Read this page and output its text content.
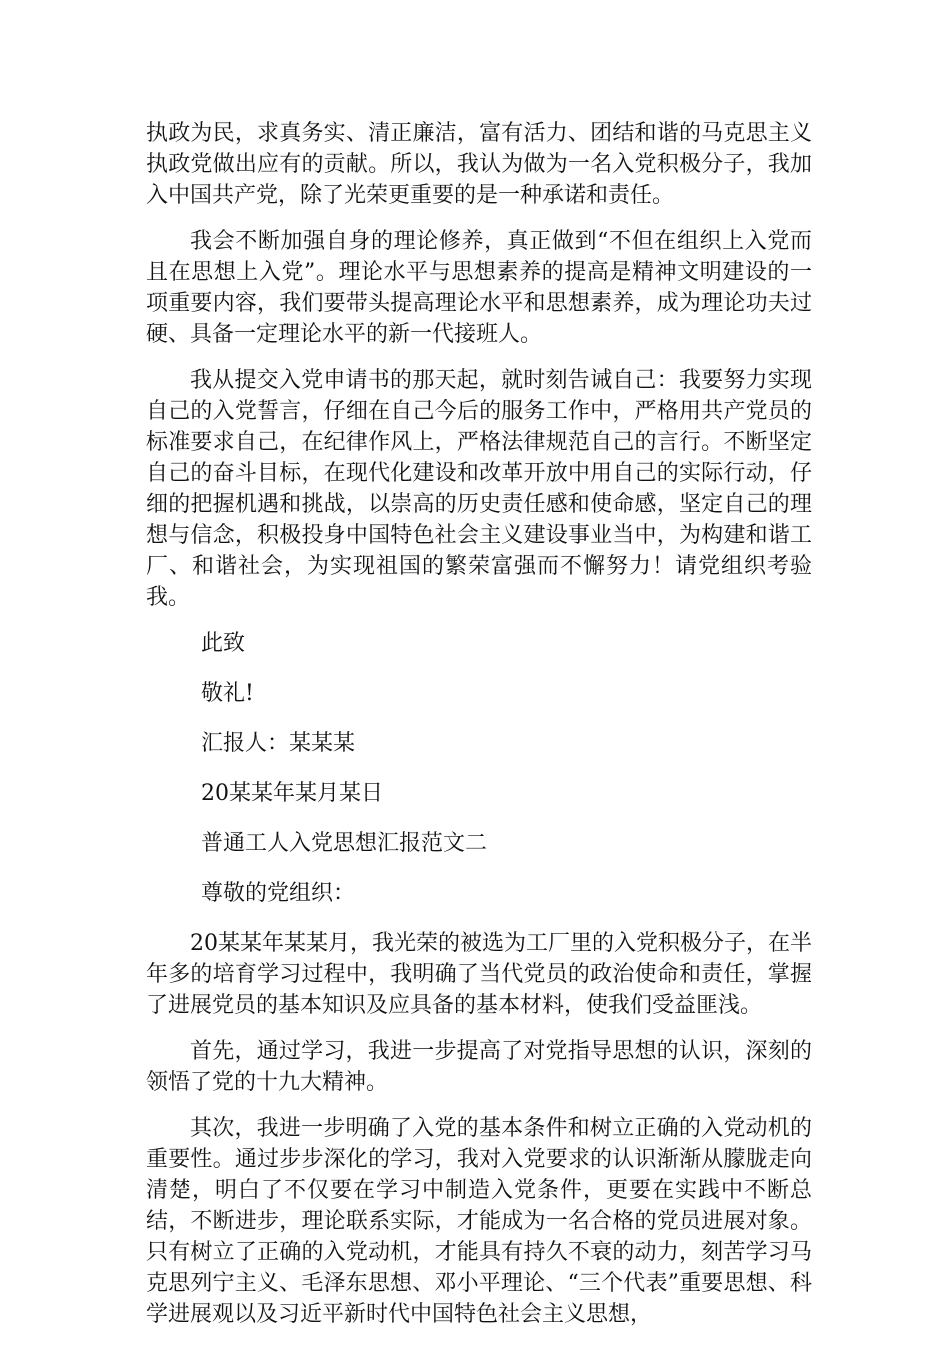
执政为民，求真务实、清正廉洁，富有活力、团结和谐的马克思主义执政党做出应有的贡献。所以，我认为做为一名入党积极分子，我加入中国共产党，除了光荣更重要的是一种承诺和责任。

我会不断加强自身的理论修养，真正做到“不但在组织上入党而且在思想上入党”。理论水平与思想素养的提高是精神文明建设的一项重要内容，我们要带头提高理论水平和思想素养，成为理论功夫过硬、具备一定理论水平的新一代接班人。

我从提交入党申请书的那天起，就时刻告诫自己：我要努力实现自己的入党誓言，仔细在自己今后的服务工作中，严格用共产党员的标准要求自己，在纪律作风上，严格法律规范自己的言行。不断坚定自己的奋斗目标，在现代化建设和改革开放中用自己的实际行动，仔细的把握机遇和挑战，以崇高的历史责任感和使命感，坚定自己的理想与信念，积极投身中国特色社会主义建设事业当中，为构建和谐工厂、和谐社会，为实现祖国的繁荣富强而不懈努力！请党组织考验我。

此致

敬礼!

汇报人：某某某

20某某年某月某日

普通工人入党思想汇报范文二

尊敬的党组织：

20某某年某某月，我光荣的被选为工厂里的入党积极分子，在半年多的培育学习过程中，我明确了当代党员的政治使命和责任，掌握了进展党员的基本知识及应具备的基本材料，使我们受益匪浅。

首先，通过学习，我进一步提高了对党指导思想的认识，深刻的领悟了党的十九大精神。

其次，我进一步明确了入党的基本条件和树立正确的入党动机的重要性。通过步步深化的学习，我对入党要求的认识渐渐从朦胧走向清楚，明白了不仅要在学习中制造入党条件，更要在实践中不断总结，不断进步，理论联系实际，才能成为一名合格的党员进展对象。只有树立了正确的入党动机，才能具有持久不衰的动力，刻苦学习马克思列宁主义、毛泽东思想、邓小平理论、“三个代表”重要思想、科学进展观以及习近平新时代中国特色社会主义思想，
